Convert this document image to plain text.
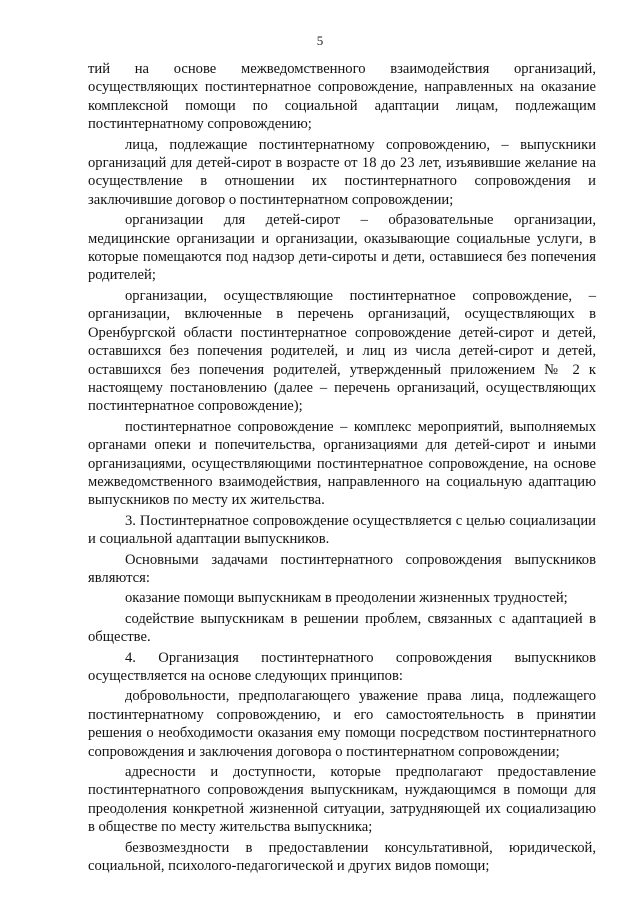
5

тий на основе межведомственного взаимодействия организаций, осуществляющих постинтернатное сопровождение, направленных на оказание комплексной помощи по социальной адаптации лицам, подлежащим постинтернатному сопровождению;

лица, подлежащие постинтернатному сопровождению, – выпускники организаций для детей-сирот в возрасте от 18 до 23 лет, изъявившие желание на осуществление в отношении их постинтернатного сопровождения и заключившие договор о постинтернатном сопровождении;

организации для детей-сирот – образовательные организации, медицинские организации и организации, оказывающие социальные услуги, в которые помещаются под надзор дети-сироты и дети, оставшиеся без попечения родителей;

организации, осуществляющие постинтернатное сопровождение, – организации, включенные в перечень организаций, осуществляющих в Оренбургской области постинтернатное сопровождение детей-сирот и детей, оставшихся без попечения родителей, и лиц из числа детей-сирот и детей, оставшихся без попечения родителей, утвержденный приложением № 2 к настоящему постановлению (далее – перечень организаций, осуществляющих постинтернатное сопровождение);

постинтернатное сопровождение – комплекс мероприятий, выполняемых органами опеки и попечительства, организациями для детей-сирот и иными организациями, осуществляющими постинтернатное сопровождение, на основе межведомственного взаимодействия, направленного на социальную адаптацию выпускников по месту их жительства.

3. Постинтернатное сопровождение осуществляется с целью социализации и социальной адаптации выпускников.

Основными задачами постинтернатного сопровождения выпускников являются:

оказание помощи выпускникам в преодолении жизненных трудностей;

содействие выпускникам в решении проблем, связанных с адаптацией в обществе.

4. Организация постинтернатного сопровождения выпускников осуществляется на основе следующих принципов:

добровольности, предполагающего уважение права лица, подлежащего постинтернатному сопровождению, и его самостоятельность в принятии решения о необходимости оказания ему помощи посредством постинтернатного сопровождения и заключения договора о постинтернатном сопровождении;

адресности и доступности, которые предполагают предоставление постинтернатного сопровождения выпускникам, нуждающимся в помощи для преодоления конкретной жизненной ситуации, затрудняющей их социализацию в обществе по месту жительства выпускника;

безвозмездности в предоставлении консультативной, юридической, социальной, психолого-педагогической и других видов помощи;
